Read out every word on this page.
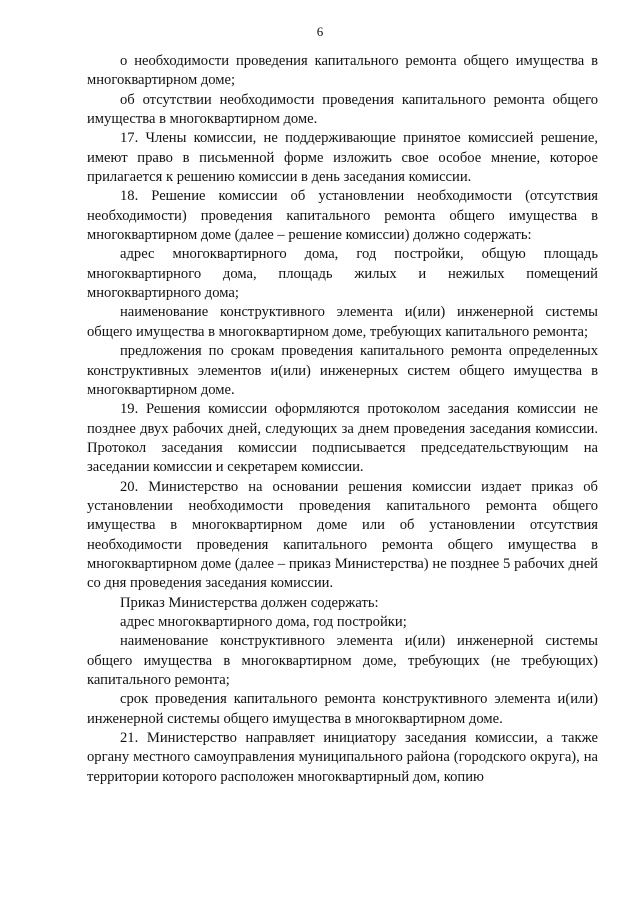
6

о необходимости проведения капитального ремонта общего имущества в многоквартирном доме;

об отсутствии необходимости проведения капитального ремонта общего имущества в многоквартирном доме.

17. Члены комиссии, не поддерживающие принятое комиссией решение, имеют право в письменной форме изложить свое особое мнение, которое прилагается к решению комиссии в день заседания комиссии.

18. Решение комиссии об установлении необходимости (отсутствия необходимости) проведения капитального ремонта общего имущества в многоквартирном доме (далее – решение комиссии) должно содержать:

адрес многоквартирного дома, год постройки, общую площадь многоквартирного дома, площадь жилых и нежилых помещений многоквартирного дома;

наименование конструктивного элемента и(или) инженерной системы общего имущества в многоквартирном доме, требующих капитального ремонта;

предложения по срокам проведения капитального ремонта определенных конструктивных элементов и(или) инженерных систем общего имущества в многоквартирном доме.

19. Решения комиссии оформляются протоколом заседания комиссии не позднее двух рабочих дней, следующих за днем проведения заседания комиссии. Протокол заседания комиссии подписывается председательствующим на заседании комиссии и секретарем комиссии.

20. Министерство на основании решения комиссии издает приказ об установлении необходимости проведения капитального ремонта общего имущества в многоквартирном доме или об установлении отсутствия необходимости проведения капитального ремонта общего имущества в многоквартирном доме (далее – приказ Министерства) не позднее 5 рабочих дней со дня проведения заседания комиссии.

Приказ Министерства должен содержать:

адрес многоквартирного дома, год постройки;

наименование конструктивного элемента и(или) инженерной системы общего имущества в многоквартирном доме, требующих (не требующих) капитального ремонта;

срок проведения капитального ремонта конструктивного элемента и(или) инженерной системы общего имущества в многоквартирном доме.

21. Министерство направляет инициатору заседания комиссии, а также органу местного самоуправления муниципального района (городского округа), на территории которого расположен многоквартирный дом, копию
